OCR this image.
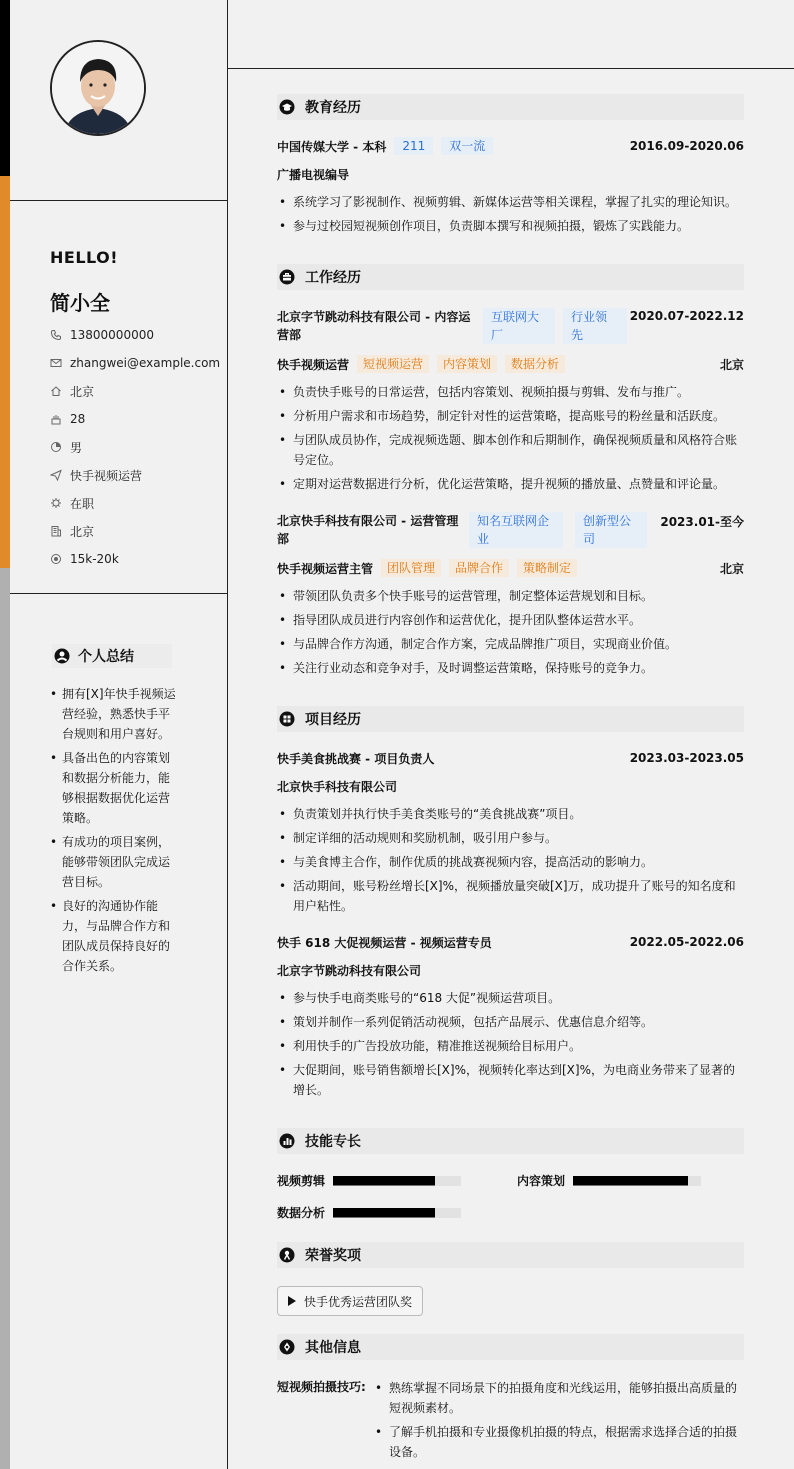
HELLO!
简小全
13800000000
zhangwei@example.com
北京
28
男
快手视频运营
在职
北京
15k-20k
个人总结
• 拥有[X]年快手视频运营经验，熟悉快手平台规则和用户喜好。
• 具备出色的内容策划和数据分析能力，能够根据数据优化运营策略。
• 有成功的项目案例，能够带领团队完成运营目标。
• 良好的沟通协作能力，与品牌合作方和团队成员保持良好的合作关系。
教育经历
中国传媒大学 - 本科	211	双一流	2016.09-2020.06
广播电视编导
• 系统学习了影视制作、视频剪辑、新媒体运营等相关课程，掌握了扎实的理论知识。
• 参与过校园短视频创作项目，负责脚本撰写和视频拍摄，锻炼了实践能力。
工作经历
北京字节跳动科技有限公司 - 内容运
营部
互联网大
厂
行业领
先
2020.07-2022.12
快手视频运营	短视频运营	内容策划	数据分析	北京
• 负责快手账号的日常运营，包括内容策划、视频拍摄与剪辑、发布与推广。
• 分析用户需求和市场趋势，制定针对性的运营策略，提高账号的粉丝量和活跃度。
• 与团队成员协作，完成视频选题、脚本创作和后期制作，确保视频质量和风格符合账号定位。
• 定期对运营数据进行分析，优化运营策略，提升视频的播放量、点赞量和评论量。
北京快手科技有限公司 - 运营管理
部
知名互联网企
业
创新型公
司
2023.01-至今
快手视频运营主管	团队管理	品牌合作	策略制定	北京
• 带领团队负责多个快手账号的运营管理，制定整体运营规划和目标。
• 指导团队成员进行内容创作和运营优化，提升团队整体运营水平。
• 与品牌合作方沟通，制定合作方案，完成品牌推广项目，实现商业价值。
• 关注行业动态和竞争对手，及时调整运营策略，保持账号的竞争力。
项目经历
快手美食挑战赛 - 项目负责人	2023.03-2023.05
北京快手科技有限公司
• 负责策划并执行快手美食类账号的“美食挑战赛”项目。
• 制定详细的活动规则和奖励机制，吸引用户参与。
• 与美食博主合作，制作优质的挑战赛视频内容，提高活动的影响力。
• 活动期间，账号粉丝增长[X]%，视频播放量突破[X]万，成功提升了账号的知名度和用户粘性。
快手 618 大促视频运营 - 视频运营专员	2022.05-2022.06
北京字节跳动科技有限公司
• 参与快手电商类账号的“618 大促”视频运营项目。
• 策划并制作一系列促销活动视频，包括产品展示、优惠信息介绍等。
• 利用快手的广告投放功能，精准推送视频给目标用户。
• 大促期间，账号销售额增长[X]%，视频转化率达到[X]%，为电商业务带来了显著的增长。
技能专长
视频剪辑	内容策划
数据分析
荣誉奖项
快手优秀运营团队奖
其他信息
短视频拍摄技巧:
•	熟练掌握不同场景下的拍摄角度和光线运用，能够拍摄出高质量的短视频素材。
• 了解手机拍摄和专业摄像机拍摄的特点，根据需求选择合适的拍摄设备。
